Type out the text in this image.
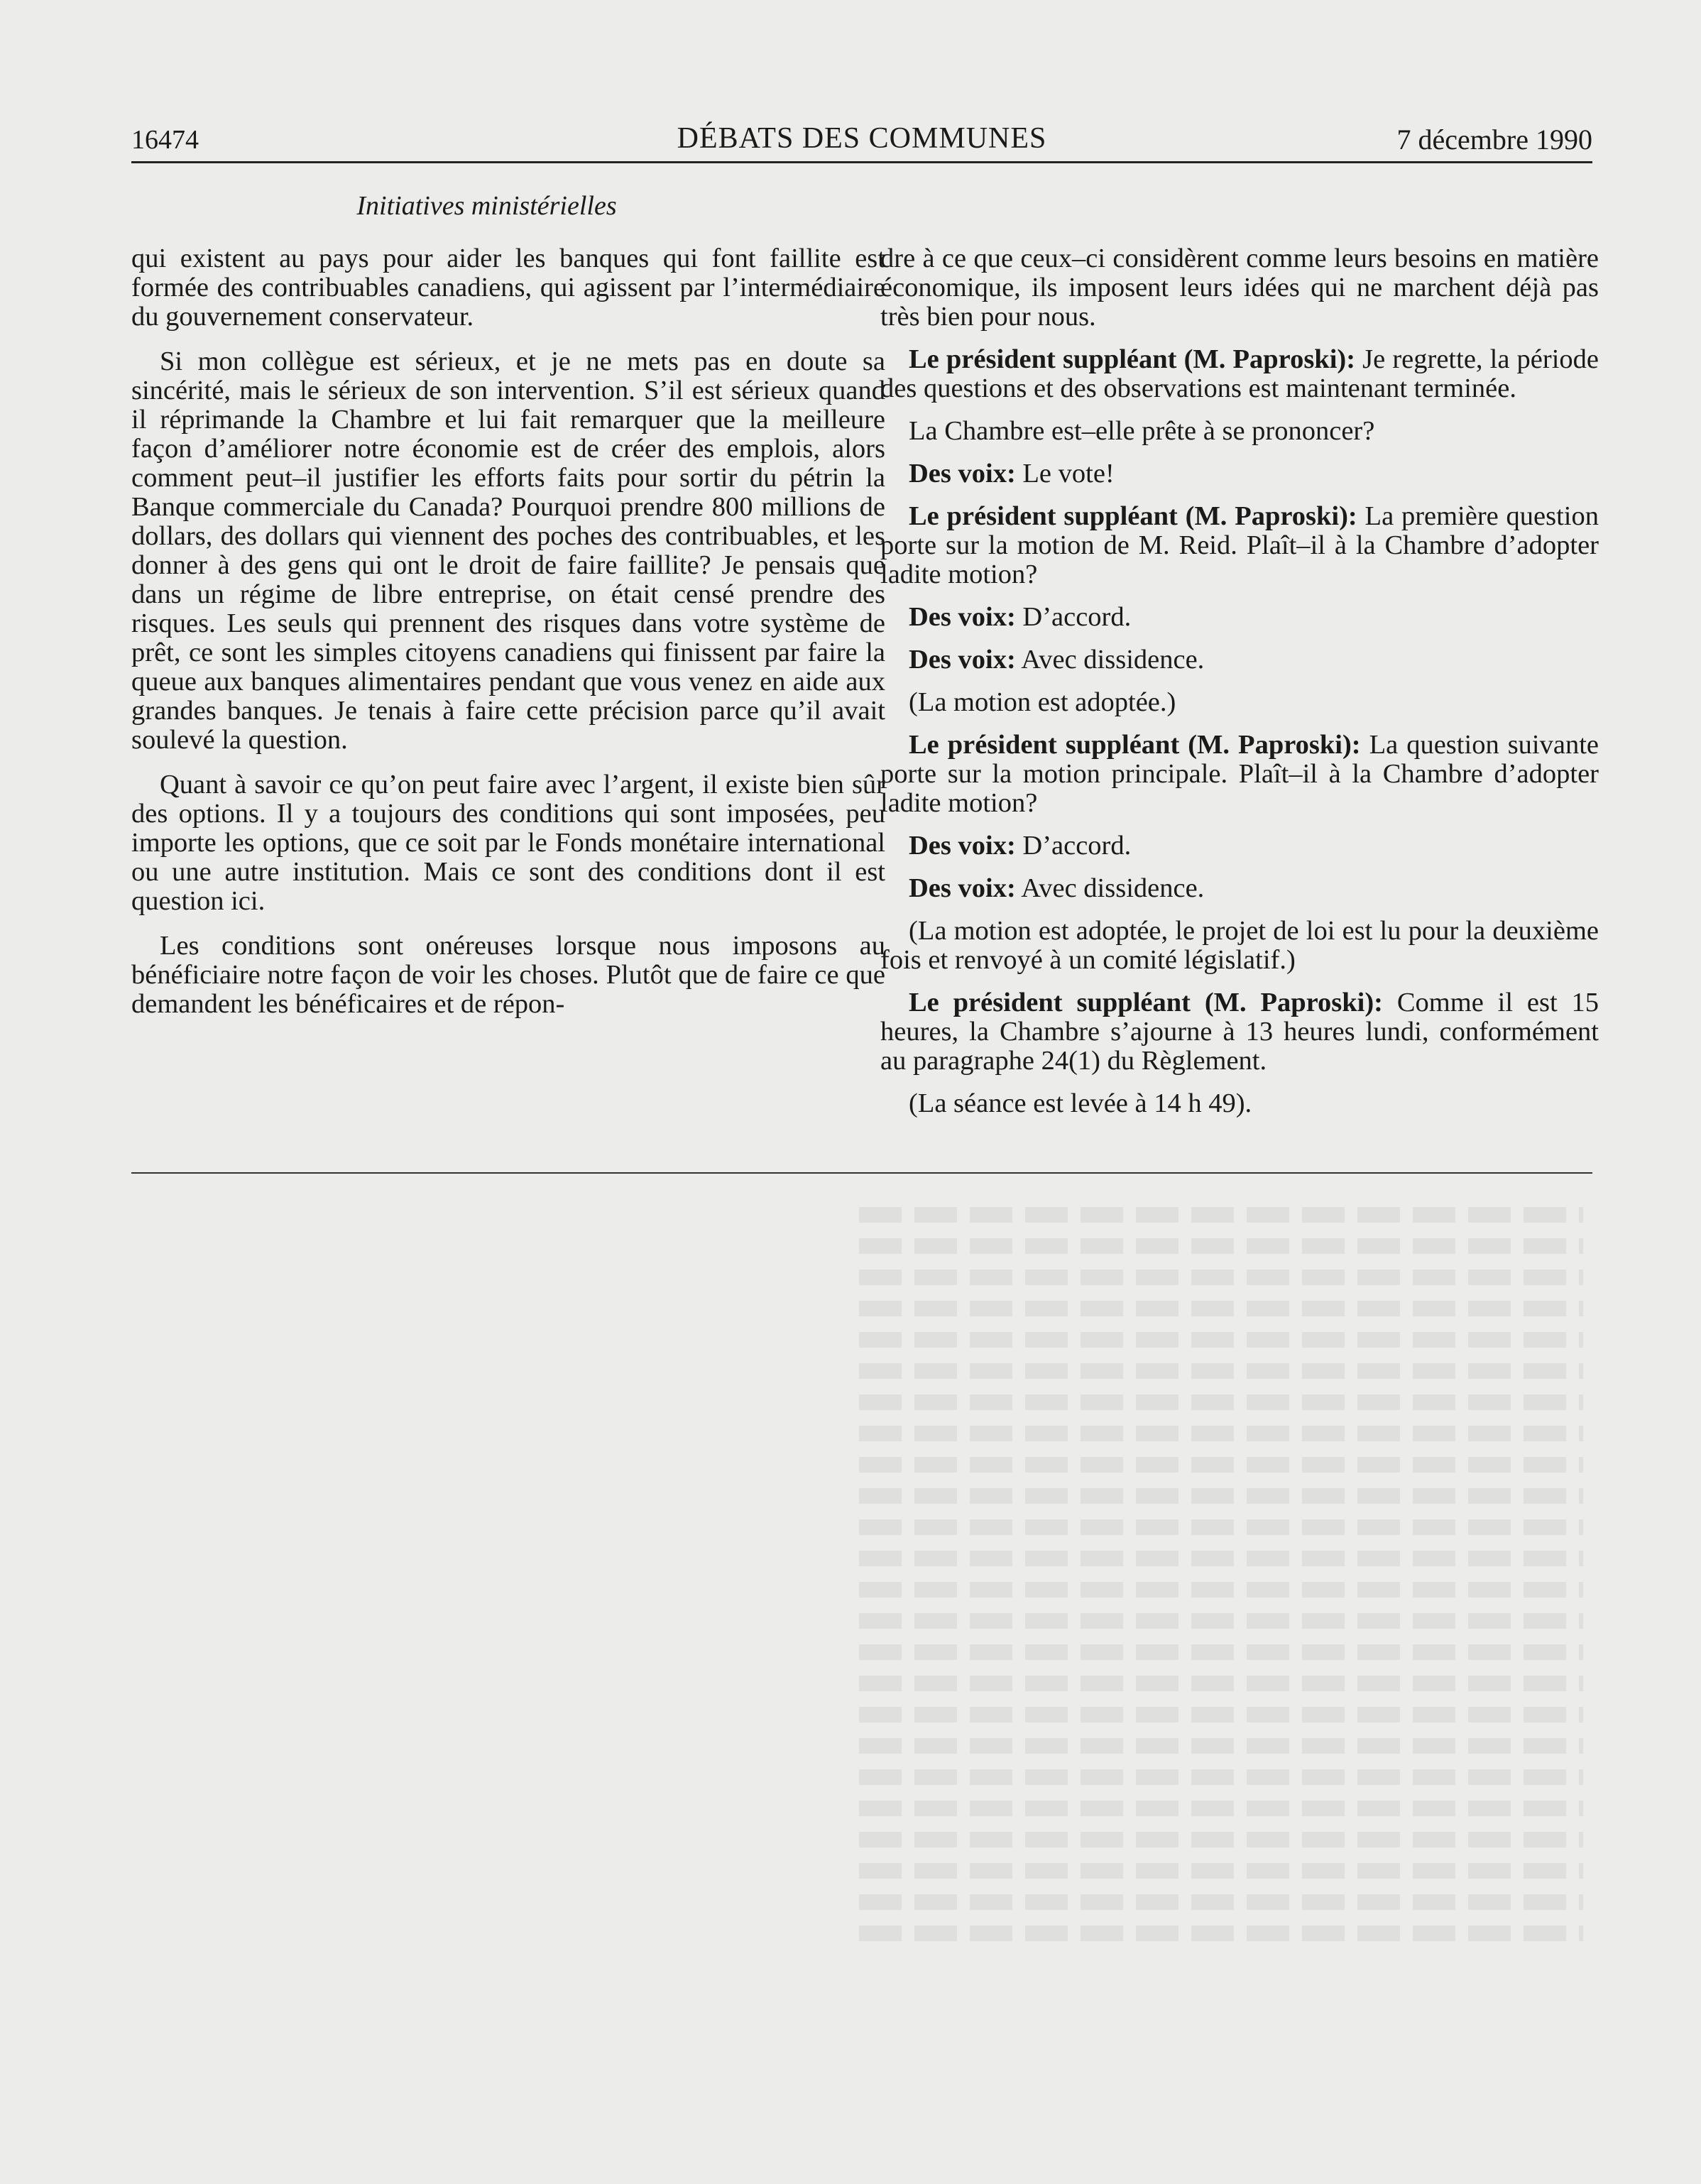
16474	DÉBATS DES COMMUNES	7 décembre 1990
Initiatives ministérielles

qui existent au pays pour aider les banques qui font faillite est formée des contribuables canadiens, qui agissent par l’intermédiaire du gouvernement conservateur.

Si mon collègue est sérieux, et je ne mets pas en doute sa sincérité, mais le sérieux de son intervention. S’il est sérieux quand il réprimande la Chambre et lui fait remarquer que la meilleure façon d’améliorer notre économie est de créer des emplois, alors comment peut–il justifier les efforts faits pour sortir du pétrin la Banque commerciale du Canada? Pourquoi prendre 800 millions de dollars, des dollars qui viennent des poches des contribuables, et les donner à des gens qui ont le droit de faire faillite? Je pensais que dans un régime de libre entreprise, on était censé prendre des risques. Les seuls qui prennent des risques dans votre système de prêt, ce sont les simples citoyens canadiens qui finissent par faire la queue aux banques alimentaires pendant que vous venez en aide aux grandes banques. Je tenais à faire cette précision parce qu’il avait soulevé la question.

Quant à savoir ce qu’on peut faire avec l’argent, il existe bien sûr des options. Il y a toujours des conditions qui sont imposées, peu importe les options, que ce soit par le Fonds monétaire international ou une autre institution. Mais ce sont des conditions dont il est question ici.

Les conditions sont onéreuses lorsque nous imposons au bénéficiaire notre façon de voir les choses. Plutôt que de faire ce que demandent les bénéficaires et de répon-

dre à ce que ceux–ci considèrent comme leurs besoins en matière économique, ils imposent leurs idées qui ne marchent déjà pas très bien pour nous.

Le président suppléant (M. Paproski): Je regrette, la période des questions et des observations est maintenant terminée.

La Chambre est–elle prête à se prononcer?

Des voix: Le vote!

Le président suppléant (M. Paproski): La première question porte sur la motion de M. Reid. Plaît–il à la Chambre d’adopter ladite motion?

Des voix: D’accord.

Des voix: Avec dissidence.

(La motion est adoptée.)

Le président suppléant (M. Paproski): La question suivante porte sur la motion principale. Plaît–il à la Chambre d’adopter ladite motion?

Des voix: D’accord.

Des voix: Avec dissidence.

(La motion est adoptée, le projet de loi est lu pour la deuxième fois et renvoyé à un comité législatif.)

Le président suppléant (M. Paproski): Comme il est 15 heures, la Chambre s’ajourne à 13 heures lundi, conformément au paragraphe 24(1) du Règlement.

(La séance est levée à 14 h 49).
